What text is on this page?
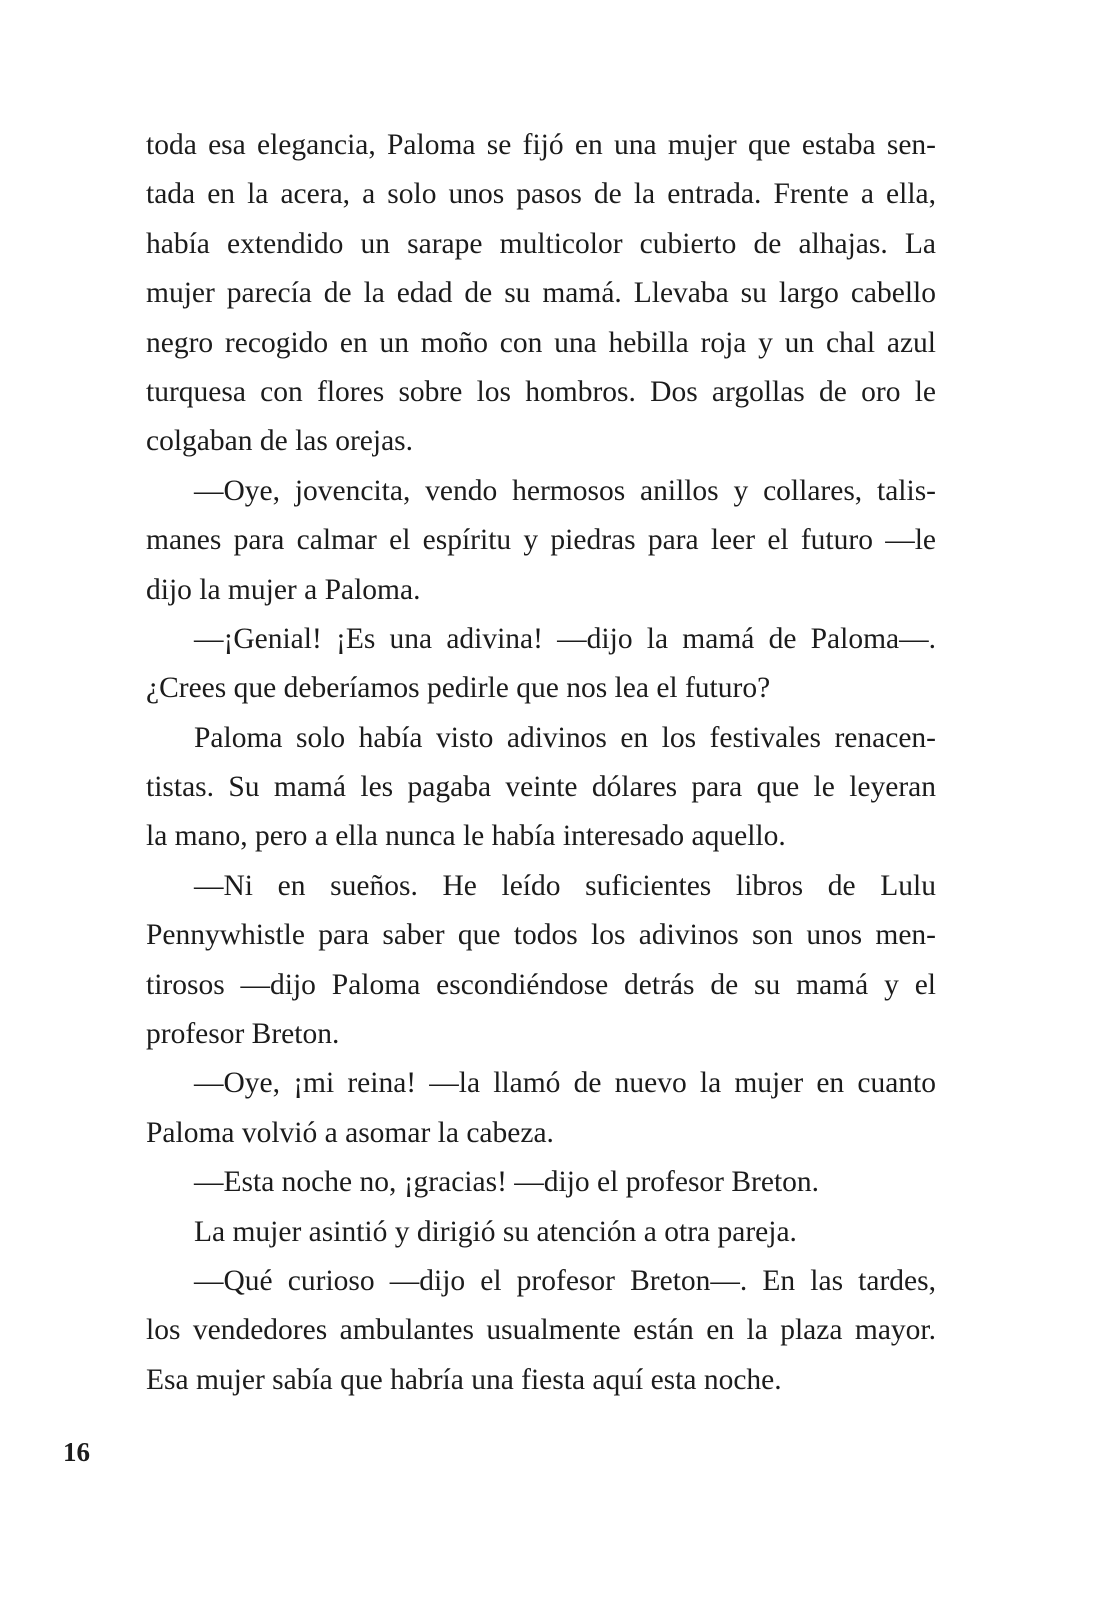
toda esa elegancia, Paloma se fijó en una mujer que estaba sen-
tada en la acera, a solo unos pasos de la entrada. Frente a ella,
había extendido un sarape multicolor cubierto de alhajas. La
mujer parecía de la edad de su mamá. Llevaba su largo cabello
negro recogido en un moño con una hebilla roja y un chal azul
turquesa con flores sobre los hombros. Dos argollas de oro le
colgaban de las orejas.
—Oye, jovencita, vendo hermosos anillos y collares, talis-
manes para calmar el espíritu y piedras para leer el futuro —le
dijo la mujer a Paloma.
—¡Genial! ¡Es una adivina! —dijo la mamá de Paloma—.
¿Crees que deberíamos pedirle que nos lea el futuro?
Paloma solo había visto adivinos en los festivales renacen-
tistas. Su mamá les pagaba veinte dólares para que le leyeran
la mano, pero a ella nunca le había interesado aquello.
—Ni en sueños. He leído suficientes libros de Lulu
Pennywhistle para saber que todos los adivinos son unos men-
tirosos —dijo Paloma escondiéndose detrás de su mamá y el
profesor Breton.
—Oye, ¡mi reina! —la llamó de nuevo la mujer en cuanto
Paloma volvió a asomar la cabeza.
—Esta noche no, ¡gracias! —dijo el profesor Breton.
La mujer asintió y dirigió su atención a otra pareja.
—Qué curioso —dijo el profesor Breton—. En las tardes,
los vendedores ambulantes usualmente están en la plaza mayor.
Esa mujer sabía que habría una fiesta aquí esta noche.
16
